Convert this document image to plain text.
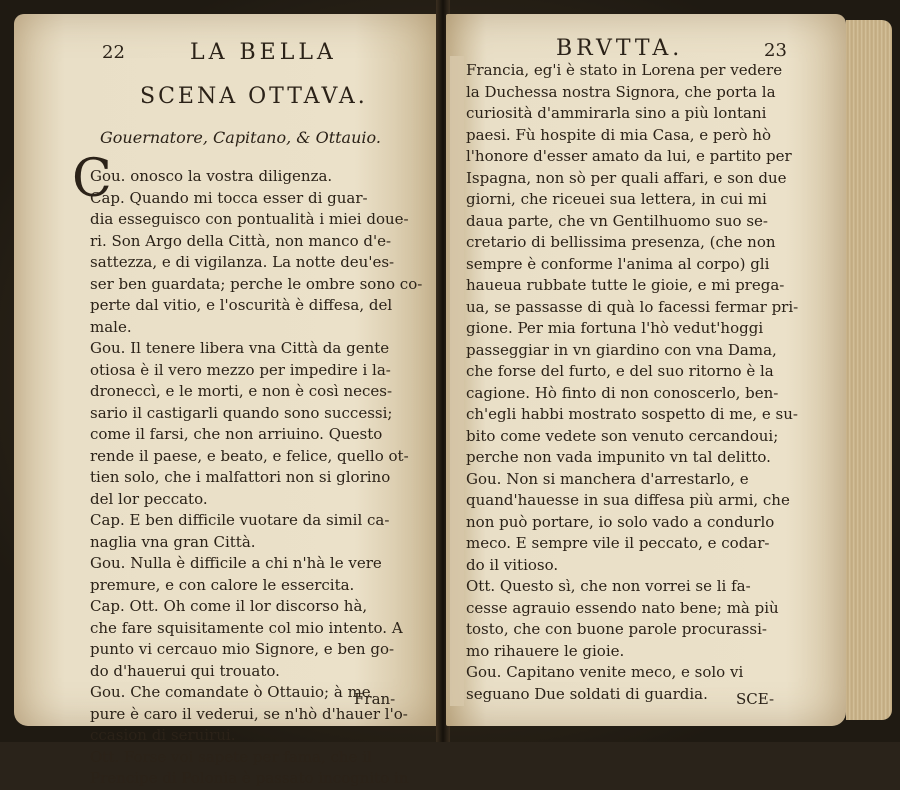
22	LA BELLA
SCENA OTTAVA.
Gouernatore, Capitano, & Ottauio.
C
Gou. onosco la vostra diligenza.
Cap. Quando mi tocca esser di guar-
dia esseguisco con pontualità i miei doue-
ri. Son Argo della Città, non manco d'e-
sattezza, e di vigilanza. La notte deu'es-
ser ben guardata; perche le ombre sono co-
perte dal vitio, e l'oscurità è diffesa, del
male.
Gou. Il tenere libera vna Città da gente
otiosa è il vero mezzo per impedire i la-
droneccì, e le morti, e non è così neces-
sario il castigarli quando sono successi;
come il farsi, che non arriuino. Questo
rende il paese, e beato, e felice, quello ot-
tien solo, che i malfattori non si glorino
del lor peccato.
Cap. E ben difficile vuotare da simil ca-
naglia vna gran Città.
Gou. Nulla è difficile a chi n'hà le vere
premure, e con calore le essercita.
Cap. Ott. Oh come il lor discorso hà,
che fare squisitamente col mio intento. A
punto vi cercauo mio Signore, e ben go-
do d'hauerui qui trouato.
Gou. Che comandate ò Ottauio; à me
pure è caro il vederui, se n'hò d'hauer l'o-
ccasion di seruirui.
Ott. Forse voi sapete per fama, che il
Prencipe di Polonia è passato incognito in
Fran-
BRVTTA.	23
Francia, eg'i è stato in Lorena per vedere
la Duchessa nostra Signora, che porta la
curiosità d'ammirarla sino a più lontani
paesi. Fù hospite di mia Casa, e però hò
l'honore d'esser amato da lui, e partito per
Ispagna, non sò per quali affari, e son due
giorni, che riceuei sua lettera, in cui mi
daua parte, che vn Gentilhuomo suo se-
cretario di bellissima presenza, (che non
sempre è conforme l'anima al corpo) gli
haueua rubbate tutte le gioie, e mi prega-
ua, se passasse di quà lo facessi fermar pri-
gione. Per mia fortuna l'hò vedut'hoggi
passeggiar in vn giardino con vna Dama,
che forse del furto, e del suo ritorno è la
cagione. Hò finto di non conoscerlo, ben-
ch'egli habbi mostrato sospetto di me, e su-
bito come vedete son venuto cercandoui;
perche non vada impunito vn tal delitto.
Gou. Non si manchera d'arrestarlo, e
quand'hauesse in sua diffesa più armi, che
non può portare, io solo vado a condurlo
meco. E sempre vile il peccato, e codar-
do il vitioso.
Ott. Questo sì, che non vorrei se li fa-
cesse agrauio essendo nato bene; mà più
tosto, che con buone parole procurassi-
mo rihauere le gioie.
Gou. Capitano venite meco, e solo vi
seguano Due soldati di guardia.	SCE-
